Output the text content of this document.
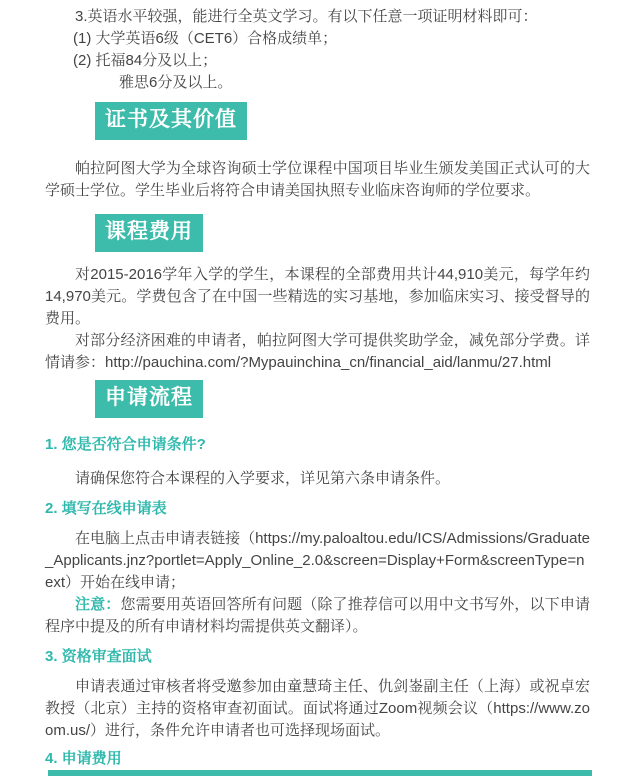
3.英语水平较强，能进行全英文学习。有以下任意一项证明材料即可：

(1) 大学英语6级（CET6）合格成绩单；

(2) 托福84分及以上；

雅思6分及以上。

证书及其价值

帕拉阿图大学为全球咨询硕士学位课程中国项目毕业生颁发美国正式认可的大学硕士学位。学生毕业后将符合申请美国执照专业临床咨询师的学位要求。

课程费用

对2015-2016学年入学的学生，本课程的全部费用共计44,910美元，每学年约14,970美元。学费包含了在中国一些精选的实习基地，参加临床实习、接受督导的费用。

对部分经济困难的申请者，帕拉阿图大学可提供奖助学金，减免部分学费。详情请参：http://pauchina.com/?Mypauinchina_cn/financial_aid/lanmu/27.html

申请流程

1. 您是否符合申请条件?

请确保您符合本课程的入学要求，详见第六条申请条件。

2. 填写在线申请表

在电脑上点击申请表链接（https://my.paloaltou.edu/ICS/Admissions/Graduate_Applicants.jnz?portlet=Apply_Online_2.0&screen=Display+Form&screenType=next）开始在线申请；

注意：您需要用英语回答所有问题（除了推荐信可以用中文书写外，以下申请程序中提及的所有申请材料均需提供英文翻译）。

3. 资格审查面试

申请表通过审核者将受邀参加由童慧琦主任、仇剑崟副主任（上海）或祝卓宏教授（北京）主持的资格审查初面试。面试将通过Zoom视频会议（https://www.zoom.us/）进行，条件允许申请者也可选择现场面试。

4. 申请费用
